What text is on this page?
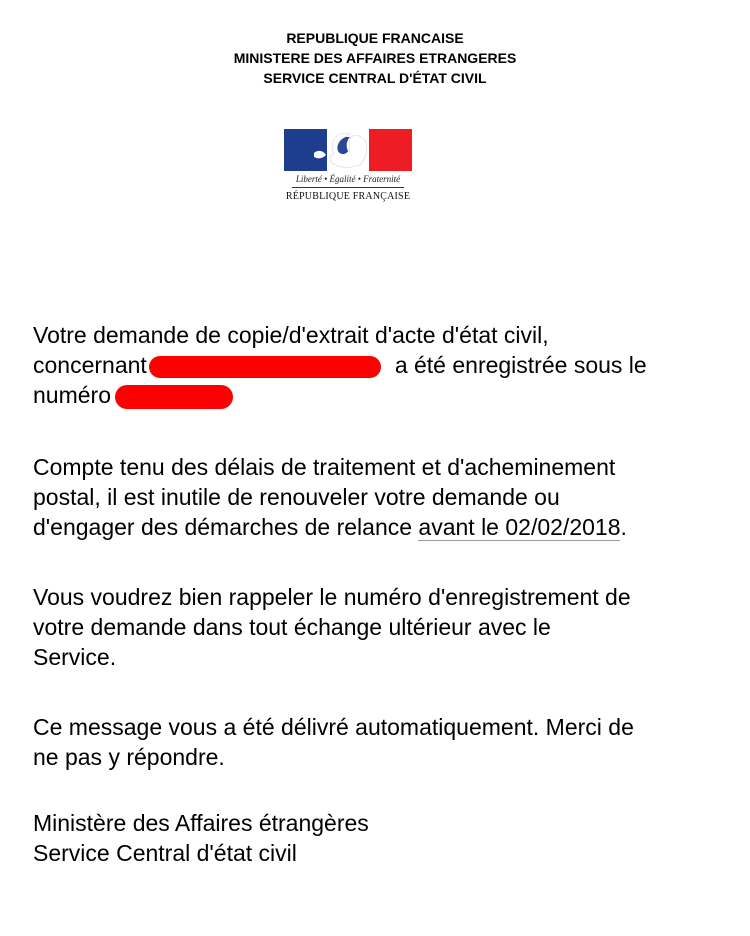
REPUBLIQUE FRANCAISE
MINISTERE DES AFFAIRES ETRANGERES
SERVICE CENTRAL D'ÉTAT CIVIL
Liberté • Égalité • Fraternité
RÉPUBLIQUE FRANÇAISE

Votre demande de copie/d'extrait d'acte d'état civil,

concernant	a été enregistrée sous le

numéro

Compte tenu des délais de traitement et d'acheminement

postal, il est inutile de renouveler votre demande ou

d'engager des démarches de relance avant le 02/02/2018.

Vous voudrez bien rappeler le numéro d'enregistrement de

votre demande dans tout échange ultérieur avec le

Service.

Ce message vous a été délivré automatiquement. Merci de

ne pas y répondre.

Ministère des Affaires étrangères

Service Central d'état civil
